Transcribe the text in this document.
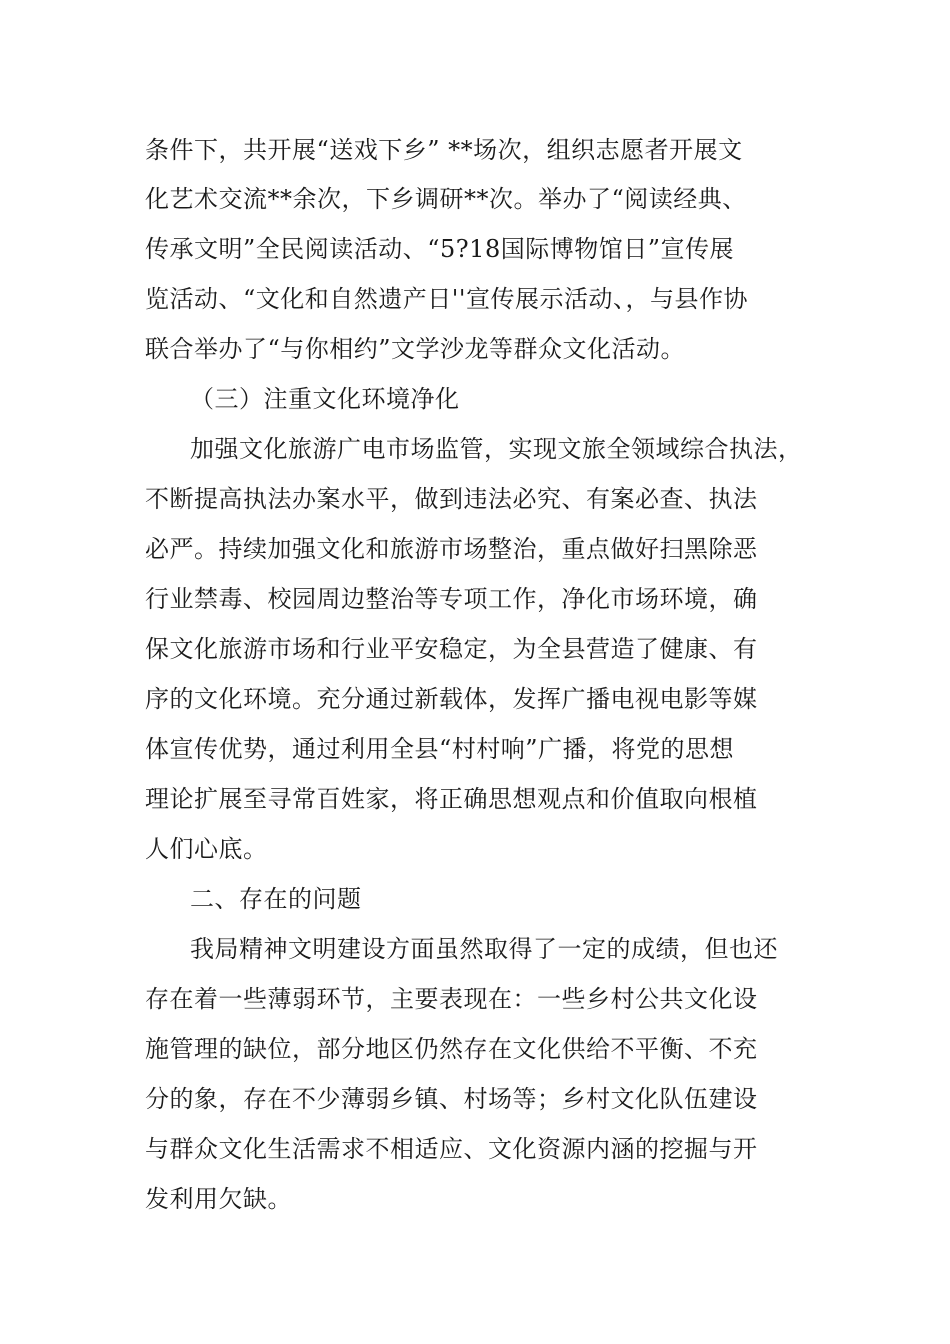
条件下，共开展“送戏下乡” **场次，组织志愿者开展文
化艺术交流**余次，下乡调研**次。举办了“阅读经典、
传承文明”全民阅读活动、“5?18国际博物馆日”宣传展
览活动、“文化和自然遗产日''宣传展示活动、，与县作协
联合举办了“与你相约”文学沙龙等群众文化活动。
（三）注重文化环境净化
加强文化旅游广电市场监管，实现文旅全领域综合执法，
不断提高执法办案水平，做到违法必究、有案必查、执法
必严。持续加强文化和旅游市场整治，重点做好扫黑除恶
行业禁毒、校园周边整治等专项工作，净化市场环境，确
保文化旅游市场和行业平安稳定，为全县营造了健康、有
序的文化环境。充分通过新载体，发挥广播电视电影等媒
体宣传优势，通过利用全县“村村响”广播，将党的思想
理论扩展至寻常百姓家，将正确思想观点和价值取向根植
人们心底。
二、存在的问题
我局精神文明建设方面虽然取得了一定的成绩，但也还
存在着一些薄弱环节，主要表现在：一些乡村公共文化设
施管理的缺位，部分地区仍然存在文化供给不平衡、不充
分的象，存在不少薄弱乡镇、村场等；乡村文化队伍建设
与群众文化生活需求不相适应、文化资源内涵的挖掘与开
发利用欠缺。
